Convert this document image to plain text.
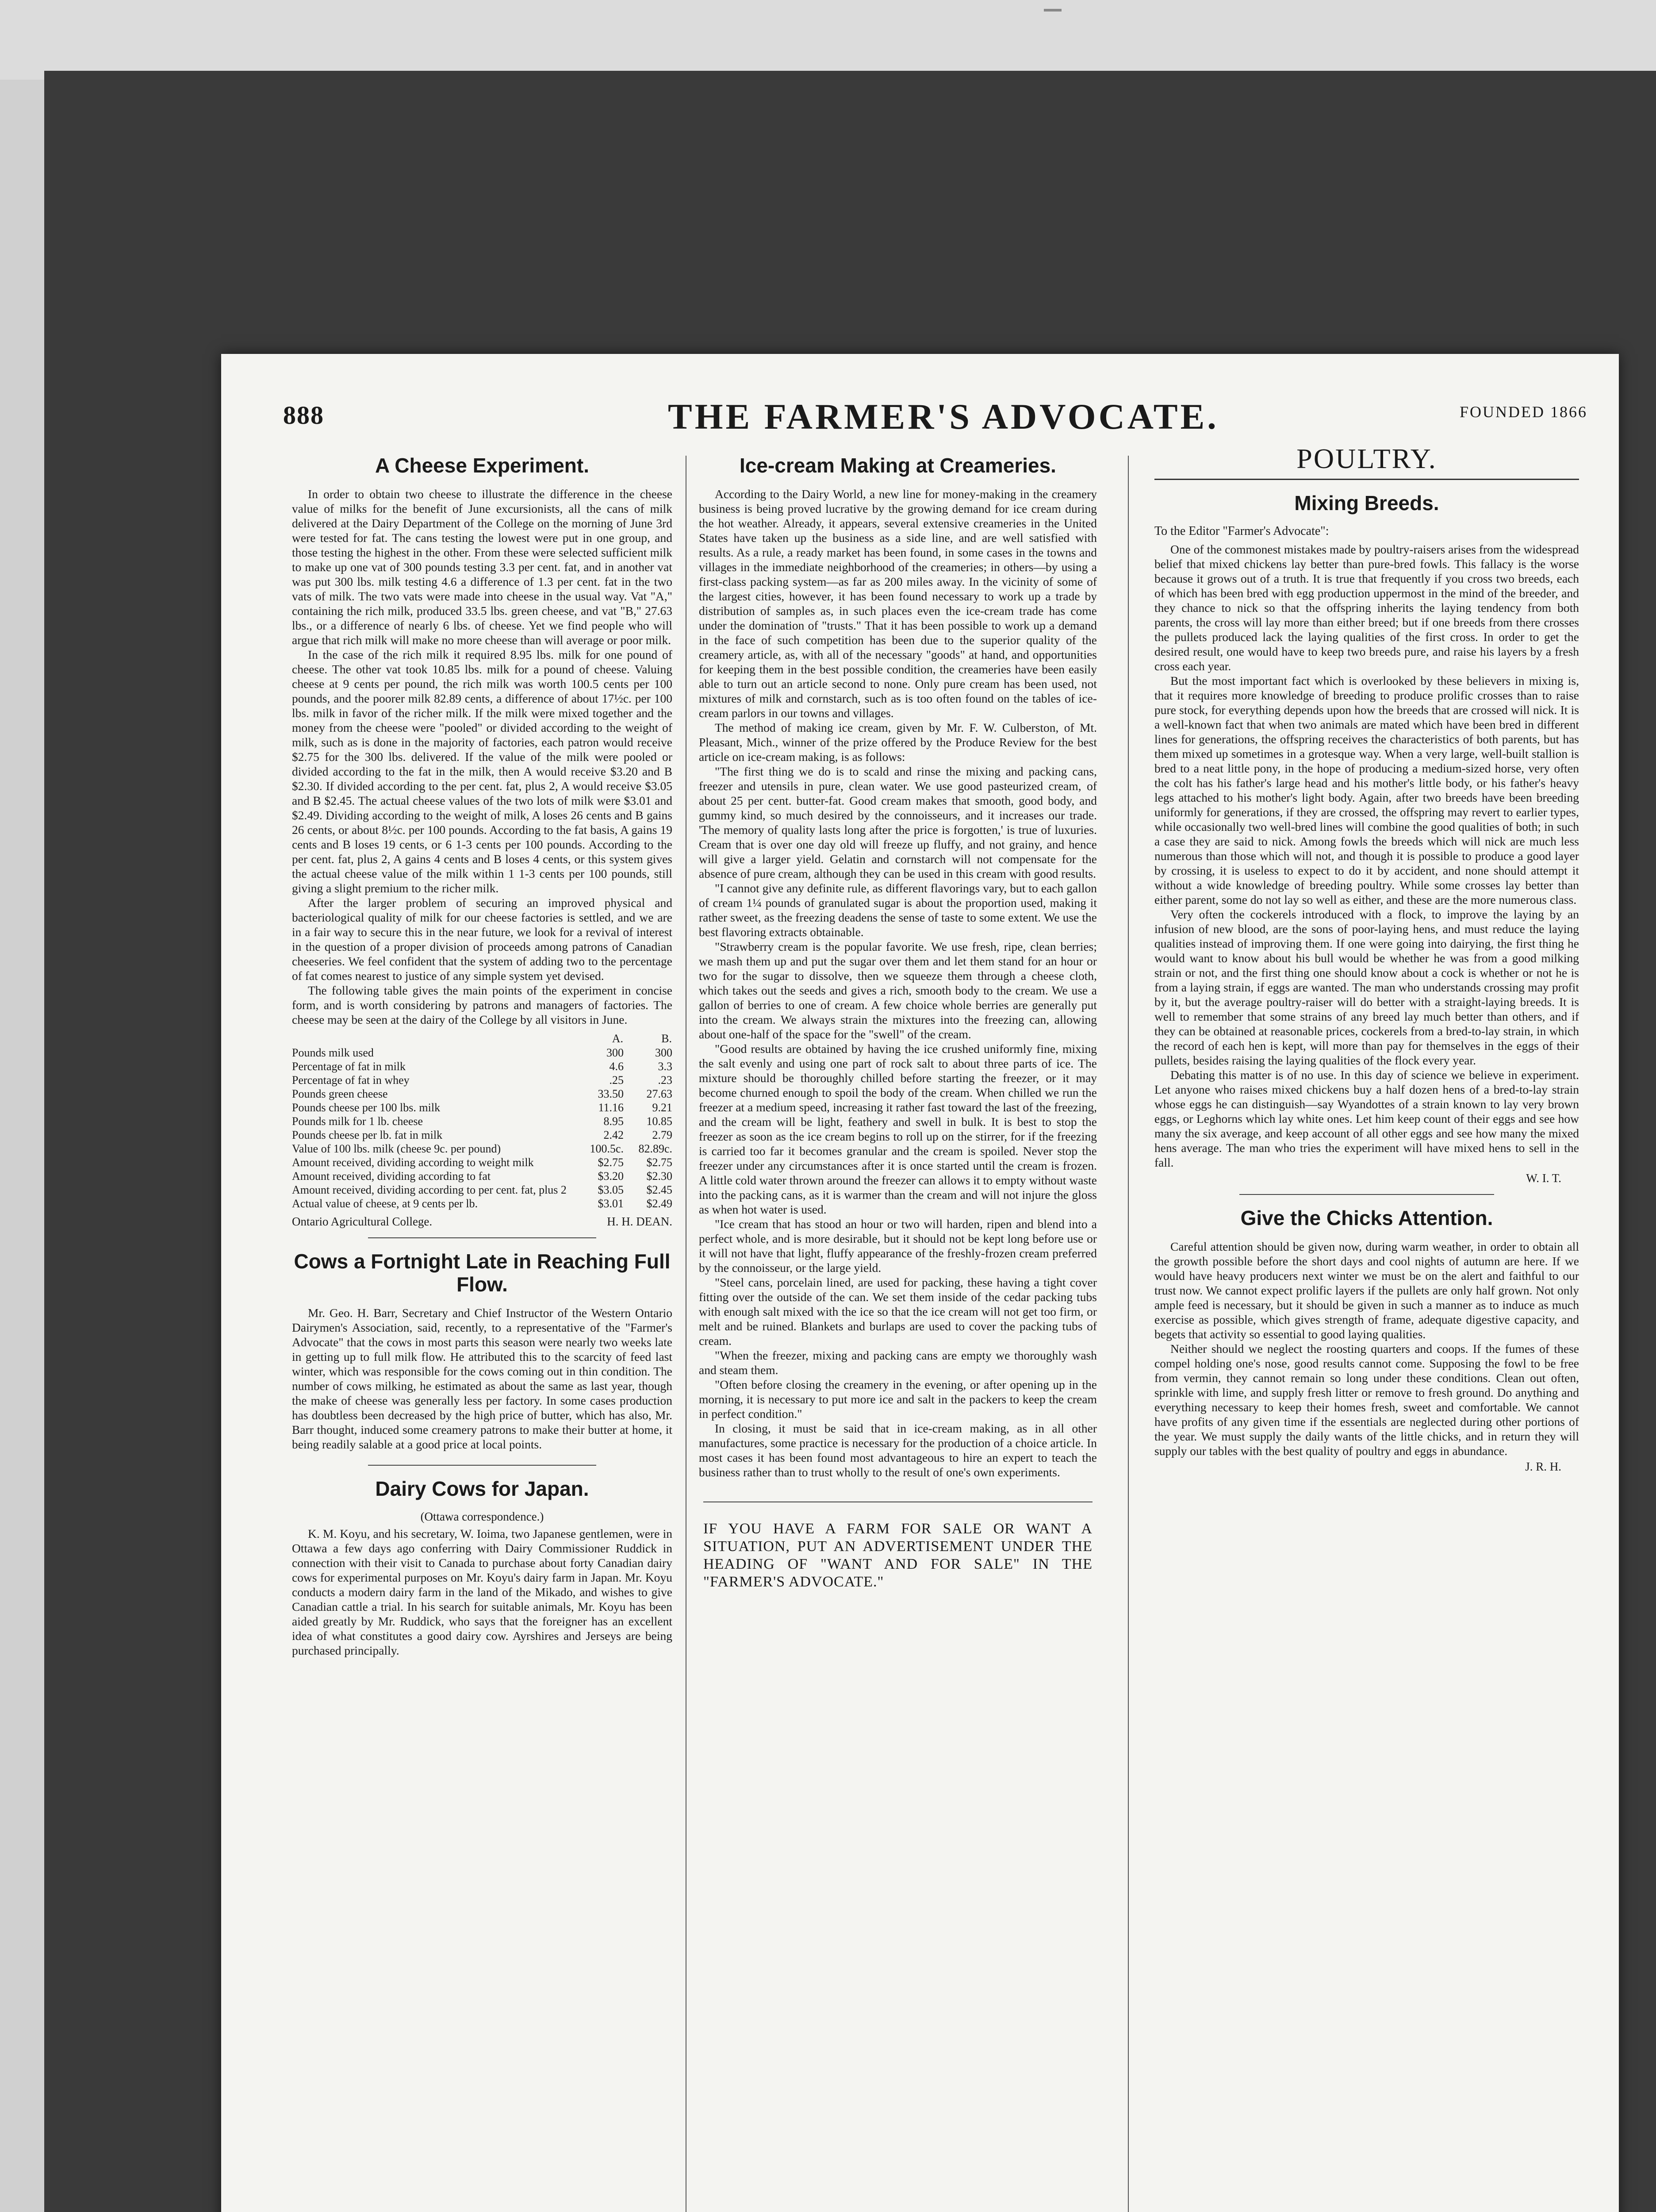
888	THE FARMER'S ADVOCATE.	FOUNDED 1866
A Cheese Experiment.

In order to obtain two cheese to illustrate the difference in the cheese value of milks for the benefit of June excursionists, all the cans of milk delivered at the Dairy Department of the College on the morning of June 3rd were tested for fat. The cans testing the lowest were put in one group, and those testing the highest in the other. From these were selected sufficient milk to make up one vat of 300 pounds testing 3.3 per cent. fat, and in another vat was put 300 lbs. milk testing 4.6 a difference of 1.3 per cent. fat in the two vats of milk. The two vats were made into cheese in the usual way. Vat "A," containing the rich milk, produced 33.5 lbs. green cheese, and vat "B," 27.63 lbs., or a difference of nearly 6 lbs. of cheese. Yet we find people who will argue that rich milk will make no more cheese than will average or poor milk.

In the case of the rich milk it required 8.95 lbs. milk for one pound of cheese. The other vat took 10.85 lbs. milk for a pound of cheese. Valuing cheese at 9 cents per pound, the rich milk was worth 100.5 cents per 100 pounds, and the poorer milk 82.89 cents, a difference of about 17½c. per 100 lbs. milk in favor of the richer milk. If the milk were mixed together and the money from the cheese were "pooled" or divided according to the weight of milk, such as is done in the majority of factories, each patron would receive $2.75 for the 300 lbs. delivered. If the value of the milk were pooled or divided according to the fat in the milk, then A would receive $3.20 and B $2.30. If divided according to the per cent. fat, plus 2, A would receive $3.05 and B $2.45. The actual cheese values of the two lots of milk were $3.01 and $2.49. Dividing according to the weight of milk, A loses 26 cents and B gains 26 cents, or about 8½c. per 100 pounds. According to the fat basis, A gains 19 cents and B loses 19 cents, or 6 1-3 cents per 100 pounds. According to the per cent. fat, plus 2, A gains 4 cents and B loses 4 cents, or this system gives the actual cheese value of the milk within 1 1-3 cents per 100 pounds, still giving a slight premium to the richer milk.

After the larger problem of securing an improved physical and bacteriological quality of milk for our cheese factories is settled, and we are in a fair way to secure this in the near future, we look for a revival of interest in the question of a proper division of proceeds among patrons of Canadian cheeseries. We feel confident that the system of adding two to the percentage of fat comes nearest to justice of any simple system yet devised.

The following table gives the main points of the experiment in concise form, and is worth considering by patrons and managers of factories. The cheese may be seen at the dairy of the College by all visitors in June.

	A.	B.
Pounds milk used	300	300
Percentage of fat in milk	4.6	3.3
Percentage of fat in whey	.25	.23
Pounds green cheese	33.50	27.63
Pounds cheese per 100 lbs. milk	11.16	9.21
Pounds milk for 1 lb. cheese	8.95	10.85
Pounds cheese per lb. fat in milk	2.42	2.79
Value of 100 lbs. milk (cheese 9c. per pound)	100.5c.	82.89c.
Amount received, dividing according to weight milk	$2.75	$2.75
Amount received, dividing according to fat	$3.20	$2.30
Amount received, dividing according to per cent. fat, plus 2	$3.05	$2.45
Actual value of cheese, at 9 cents per lb.	$3.01	$2.49
Ontario Agricultural College.	H. H. DEAN.
Cows a Fortnight Late in Reaching Full Flow.

Mr. Geo. H. Barr, Secretary and Chief Instructor of the Western Ontario Dairymen's Association, said, recently, to a representative of the "Farmer's Advocate" that the cows in most parts this season were nearly two weeks late in getting up to full milk flow. He attributed this to the scarcity of feed last winter, which was responsible for the cows coming out in thin condition. The number of cows milking, he estimated as about the same as last year, though the make of cheese was generally less per factory. In some cases production has doubtless been decreased by the high price of butter, which has also, Mr. Barr thought, induced some creamery patrons to make their butter at home, it being readily salable at a good price at local points.

Dairy Cows for Japan.
(Ottawa correspondence.)

K. M. Koyu, and his secretary, W. Ioima, two Japanese gentlemen, were in Ottawa a few days ago conferring with Dairy Commissioner Ruddick in connection with their visit to Canada to purchase about forty Canadian dairy cows for experimental purposes on Mr. Koyu's dairy farm in Japan. Mr. Koyu conducts a modern dairy farm in the land of the Mikado, and wishes to give Canadian cattle a trial. In his search for suitable animals, Mr. Koyu has been aided greatly by Mr. Ruddick, who says that the foreigner has an excellent idea of what constitutes a good dairy cow. Ayrshires and Jerseys are being purchased principally.

Ice-cream Making at Creameries.

According to the Dairy World, a new line for money-making in the creamery business is being proved lucrative by the growing demand for ice cream during the hot weather. Already, it appears, several extensive creameries in the United States have taken up the business as a side line, and are well satisfied with results. As a rule, a ready market has been found, in some cases in the towns and villages in the immediate neighborhood of the creameries; in others—by using a first-class packing system—as far as 200 miles away. In the vicinity of some of the largest cities, however, it has been found necessary to work up a trade by distribution of samples as, in such places even the ice-cream trade has come under the domination of "trusts." That it has been possible to work up a demand in the face of such competition has been due to the superior quality of the creamery article, as, with all of the necessary "goods" at hand, and opportunities for keeping them in the best possible condition, the creameries have been easily able to turn out an article second to none. Only pure cream has been used, not mixtures of milk and cornstarch, such as is too often found on the tables of ice-cream parlors in our towns and villages.

The method of making ice cream, given by Mr. F. W. Culberston, of Mt. Pleasant, Mich., winner of the prize offered by the Produce Review for the best article on ice-cream making, is as follows:

"The first thing we do is to scald and rinse the mixing and packing cans, freezer and utensils in pure, clean water. We use good pasteurized cream, of about 25 per cent. butter-fat. Good cream makes that smooth, good body, and gummy kind, so much desired by the connoisseurs, and it increases our trade. 'The memory of quality lasts long after the price is forgotten,' is true of luxuries. Cream that is over one day old will freeze up fluffy, and not grainy, and hence will give a larger yield. Gelatin and cornstarch will not compensate for the absence of pure cream, although they can be used in this cream with good results.

"I cannot give any definite rule, as different flavorings vary, but to each gallon of cream 1¼ pounds of granulated sugar is about the proportion used, making it rather sweet, as the freezing deadens the sense of taste to some extent. We use the best flavoring extracts obtainable.

"Strawberry cream is the popular favorite. We use fresh, ripe, clean berries; we mash them up and put the sugar over them and let them stand for an hour or two for the sugar to dissolve, then we squeeze them through a cheese cloth, which takes out the seeds and gives a rich, smooth body to the cream. We use a gallon of berries to one of cream. A few choice whole berries are generally put into the cream. We always strain the mixtures into the freezing can, allowing about one-half of the space for the "swell" of the cream.

"Good results are obtained by having the ice crushed uniformly fine, mixing the salt evenly and using one part of rock salt to about three parts of ice. The mixture should be thoroughly chilled before starting the freezer, or it may become churned enough to spoil the body of the cream. When chilled we run the freezer at a medium speed, increasing it rather fast toward the last of the freezing, and the cream will be light, feathery and swell in bulk. It is best to stop the freezer as soon as the ice cream begins to roll up on the stirrer, for if the freezing is carried too far it becomes granular and the cream is spoiled. Never stop the freezer under any circumstances after it is once started until the cream is frozen. A little cold water thrown around the freezer can allows it to empty without waste into the packing cans, as it is warmer than the cream and will not injure the gloss as when hot water is used.

"Ice cream that has stood an hour or two will harden, ripen and blend into a perfect whole, and is more desirable, but it should not be kept long before use or it will not have that light, fluffy appearance of the freshly-frozen cream preferred by the connoisseur, or the large yield.

"Steel cans, porcelain lined, are used for packing, these having a tight cover fitting over the outside of the can. We set them inside of the cedar packing tubs with enough salt mixed with the ice so that the ice cream will not get too firm, or melt and be ruined. Blankets and burlaps are used to cover the packing tubs of cream.

"When the freezer, mixing and packing cans are empty we thoroughly wash and steam them.

"Often before closing the creamery in the evening, or after opening up in the morning, it is necessary to put more ice and salt in the packers to keep the cream in perfect condition."

In closing, it must be said that in ice-cream making, as in all other manufactures, some practice is necessary for the production of a choice article. In most cases it has been found most advantageous to hire an expert to teach the business rather than to trust wholly to the result of one's own experiments.

IF YOU HAVE A FARM FOR SALE OR WANT A SITUATION, PUT AN ADVERTISEMENT UNDER THE HEADING OF "WANT AND FOR SALE" IN THE "FARMER'S ADVOCATE."
POULTRY.
Mixing Breeds.
To the Editor "Farmer's Advocate":

One of the commonest mistakes made by poultry-raisers arises from the widespread belief that mixed chickens lay better than pure-bred fowls. This fallacy is the worse because it grows out of a truth. It is true that frequently if you cross two breeds, each of which has been bred with egg production uppermost in the mind of the breeder, and they chance to nick so that the offspring inherits the laying tendency from both parents, the cross will lay more than either breed; but if one breeds from there crosses the pullets produced lack the laying qualities of the first cross. In order to get the desired result, one would have to keep two breeds pure, and raise his layers by a fresh cross each year.

But the most important fact which is overlooked by these believers in mixing is, that it requires more knowledge of breeding to produce prolific crosses than to raise pure stock, for everything depends upon how the breeds that are crossed will nick. It is a well-known fact that when two animals are mated which have been bred in different lines for generations, the offspring receives the characteristics of both parents, but has them mixed up sometimes in a grotesque way. When a very large, well-built stallion is bred to a neat little pony, in the hope of producing a medium-sized horse, very often the colt has his father's large head and his mother's little body, or his father's heavy legs attached to his mother's light body. Again, after two breeds have been breeding uniformly for generations, if they are crossed, the offspring may revert to earlier types, while occasionally two well-bred lines will combine the good qualities of both; in such a case they are said to nick. Among fowls the breeds which will nick are much less numerous than those which will not, and though it is possible to produce a good layer by crossing, it is useless to expect to do it by accident, and none should attempt it without a wide knowledge of breeding poultry. While some crosses lay better than either parent, some do not lay so well as either, and these are the more numerous class.

Very often the cockerels introduced with a flock, to improve the laying by an infusion of new blood, are the sons of poor-laying hens, and must reduce the laying qualities instead of improving them. If one were going into dairying, the first thing he would want to know about his bull would be whether he was from a good milking strain or not, and the first thing one should know about a cock is whether or not he is from a laying strain, if eggs are wanted. The man who understands crossing may profit by it, but the average poultry-raiser will do better with a straight-laying breeds. It is well to remember that some strains of any breed lay much better than others, and if they can be obtained at reasonable prices, cockerels from a bred-to-lay strain, in which the record of each hen is kept, will more than pay for themselves in the eggs of their pullets, besides raising the laying qualities of the flock every year.

Debating this matter is of no use. In this day of science we believe in experiment. Let anyone who raises mixed chickens buy a half dozen hens of a bred-to-lay strain whose eggs he can distinguish—say Wyandottes of a strain known to lay very brown eggs, or Leghorns which lay white ones. Let him keep count of their eggs and see how many the six average, and keep account of all other eggs and see how many the mixed hens average. The man who tries the experiment will have mixed hens to sell in the fall.

W. I. T.
Give the Chicks Attention.

Careful attention should be given now, during warm weather, in order to obtain all the growth possible before the short days and cool nights of autumn are here. If we would have heavy producers next winter we must be on the alert and faithful to our trust now. We cannot expect prolific layers if the pullets are only half grown. Not only ample feed is necessary, but it should be given in such a manner as to induce as much exercise as possible, which gives strength of frame, adequate digestive capacity, and begets that activity so essential to good laying qualities.

Neither should we neglect the roosting quarters and coops. If the fumes of these compel holding one's nose, good results cannot come. Supposing the fowl to be free from vermin, they cannot remain so long under these conditions. Clean out often, sprinkle with lime, and supply fresh litter or remove to fresh ground. Do anything and everything necessary to keep their homes fresh, sweet and comfortable. We cannot have profits of any given time if the essentials are neglected during other portions of the year. We must supply the daily wants of the little chicks, and in return they will supply our tables with the best quality of poultry and eggs in abundance.

J. R. H.
